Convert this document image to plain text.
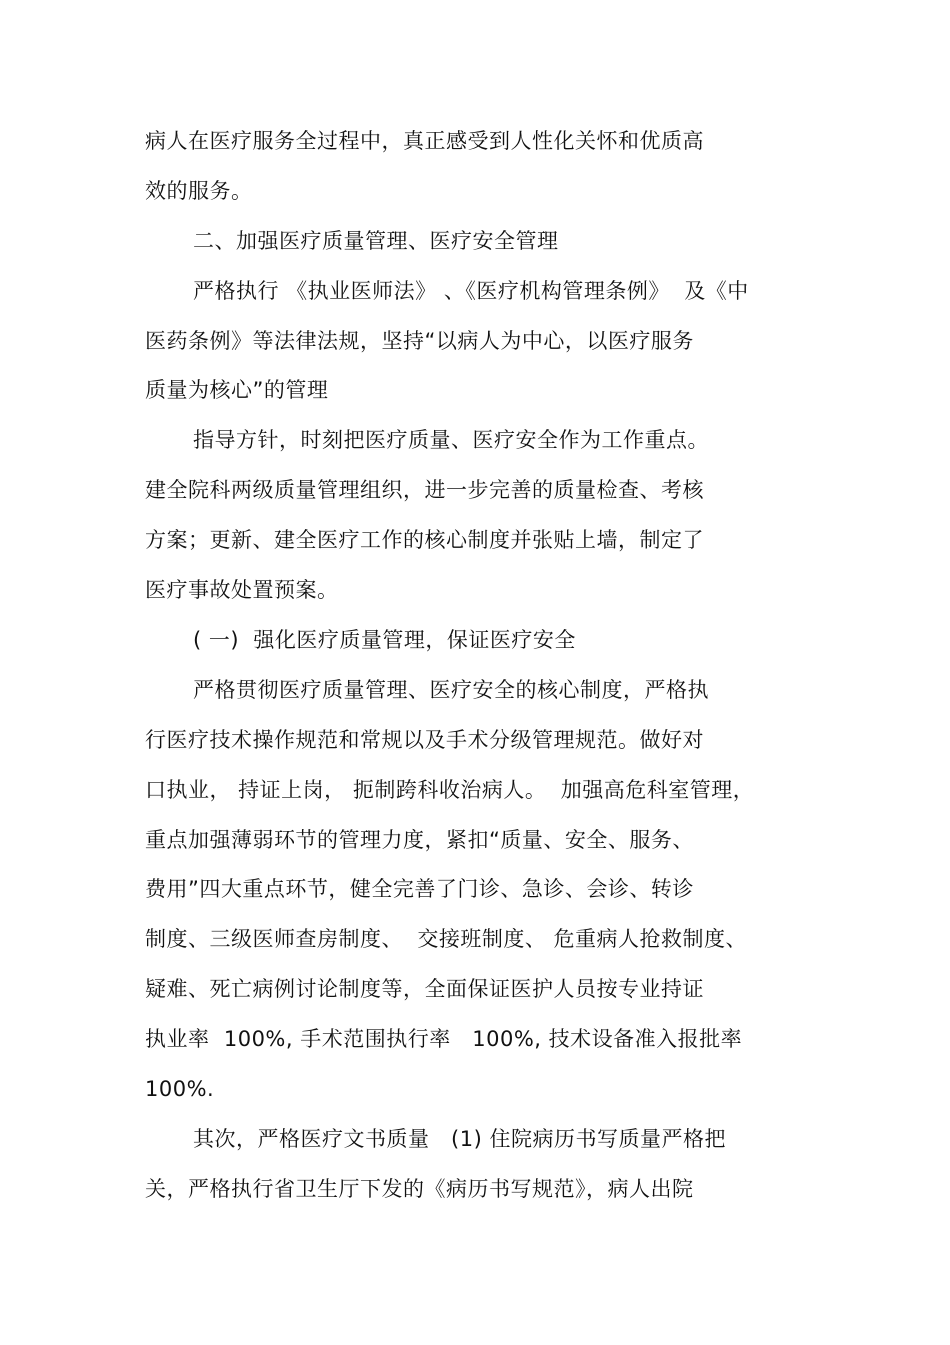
病人在医疗服务全过程中，真正感受到人性化关怀和优质高
效的服务。
二、加强医疗质量管理、医疗安全管理
严格执行 《执业医师法》 、《医疗机构管理条例》  及《中
医药条例》等法律法规，坚持“以病人为中心，以医疗服务
质量为核心”的管理
指导方针，时刻把医疗质量、医疗安全作为工作重点。
建全院科两级质量管理组织，进一步完善的质量检查、考核
方案；更新、建全医疗工作的核心制度并张贴上墙，制定了
医疗事故处置预案。
( 一)  强化医疗质量管理，保证医疗安全
严格贯彻医疗质量管理、医疗安全的核心制度，严格执
行医疗技术操作规范和常规以及手术分级管理规范。做好对
口执业， 持证上岗， 扼制跨科收治病人。  加强高危科室管理，
重点加强薄弱环节的管理力度，紧扣“质量、安全、服务、
费用”四大重点环节，健全完善了门诊、急诊、会诊、转诊
制度、三级医师查房制度、  交接班制度、 危重病人抢救制度、
疑难、死亡病例讨论制度等，全面保证医护人员按专业持证
执业率  100%, 手术范围执行率   100%, 技术设备准入报批率
100%.
其次，严格医疗文书质量   (1) 住院病历书写质量严格把
关，严格执行省卫生厅下发的《病历书写规范》，病人出院
